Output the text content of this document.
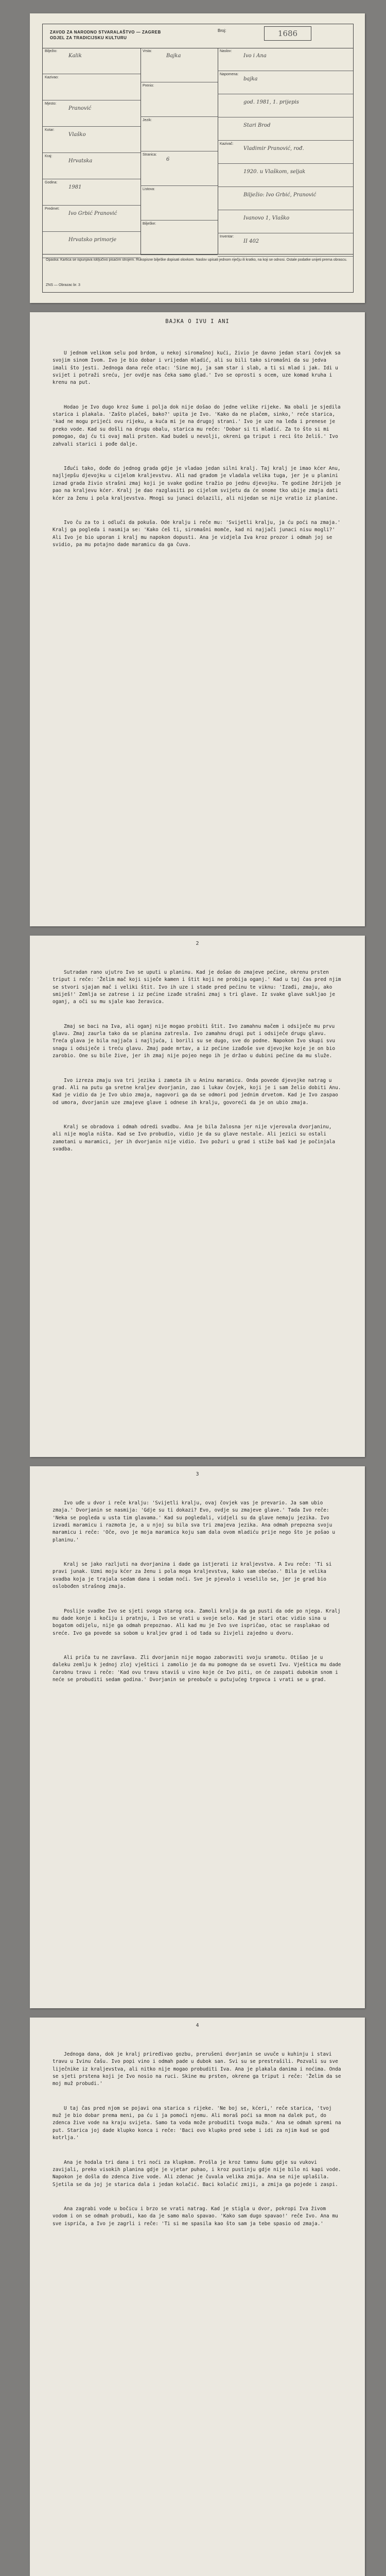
ZAVOD ZA NARODNO STVARALAŠTVO — ZAGREB
ODJEL ZA TRADICIJSKU KULTURU
Broj:	1686
Bilježio:
Kalik
Kazivao:
Mjesto:
Pranović
Kotar:
Vlaško
Kraj:
Hrvatska
Godina:
1981
Predmet:
Ivo Grbić Pranović
Hrvatsko primorje
Vrsta:
Bajka
Prenio:
Jezik:
Stranica:
6
Listova:
Bilješke:
Naslov:
Ivo i Ana
Napomena:
bajka
god. 1981, 1. prijepis
Stari Brod
Kazivač:
Vladimir Pranović, rođ.
1920. u Vlaškom, seljak
Bilježio: Ivo Grbić, Pranović
Ivanovo 1, Vlaško
Inventar:
II 402
Opaska: Kartica se ispunjava isključivo pisaćim strojem. Rukopisne bilješke dopisati olovkom. Naslov upisati jednom riječju ili kratko, na koji se odnosi. Ostale podatke unijeti prema obrascu.
ZNS — Obrazac br. 3
BAJKA O IVU I ANI

U jednom velikom selu pod brdom, u nekoj siromašnoj kući, živio je davno jedan stari čovjek sa svojim sinom Ivom. Ivo je bio dobar i vrijedan mladić, ali su bili tako siromašni da su jedva imali što jesti. Jednoga dana reče otac: 'Sine moj, ja sam star i slab, a ti si mlad i jak. Idi u svijet i potraži sreću, jer ovdje nas čeka samo glad.' Ivo se oprosti s ocem, uze komad kruha i krenu na put.

Hodao je Ivo dugo kroz šume i polja dok nije došao do jedne velike rijeke. Na obali je sjedila starica i plakala. 'Zašto plačeš, bako?' upita je Ivo. 'Kako da ne plačem, sinko,' reče starica, 'kad ne mogu prijeći ovu rijeku, a kuća mi je na drugoj strani.' Ivo je uze na leđa i prenese je preko vode. Kad su došli na drugu obalu, starica mu reče: 'Dobar si ti mladić. Za to što si mi pomogao, daj ću ti ovaj mali prsten. Kad budeš u nevolji, okreni ga triput i reci što želiš.' Ivo zahvali starici i pođe dalje.

Iđući tako, dođe do jednog grada gdje je vladao jedan silni kralj. Taj kralj je imao kćer Anu, najljepšu djevojku u cijelom kraljevstvu. Ali nad gradom je vladala velika tuga, jer je u planini iznad grada živio strašni zmaj koji je svake godine tražio po jednu djevojku. Te godine ždrijeb je pao na kraljevu kćer. Kralj je dao razglasiti po cijelom svijetu da će onome tko ubije zmaja dati kćer za ženu i pola kraljevstva. Mnogi su junaci dolazili, ali nijedan se nije vratio iz planine.

Ivo ču za to i odluči da pokuša. Ode kralju i reče mu: 'Svijetli kralju, ja ću poći na zmaja.' Kralj ga pogleda i nasmija se: 'Kako ćeš ti, siromašni momče, kad ni najjači junaci nisu mogli?' Ali Ivo je bio uporan i kralj mu napokon dopusti. Ana je vidjela Iva kroz prozor i odmah joj se svidio, pa mu potajno dade maramicu da ga čuva.

2

Sutradan rano ujutro Ivo se uputi u planinu. Kad je došao do zmajeve pećine, okrenu prsten triput i reče: 'Želim mač koji siječe kamen i štit koji ne probija oganj.' Kad u taj čas pred njim se stvori sjajan mač i veliki štit. Ivo ih uze i stade pred pećinu te viknu: 'Izađi, zmaju, ako smiješ!' Zemlja se zatrese i iz pećine izađe strašni zmaj s tri glave. Iz svake glave sukljao je oganj, a oči su mu sjale kao žeravica.

Zmaj se baci na Iva, ali oganj nije mogao probiti štit. Ivo zamahnu mačem i odsiječe mu prvu glavu. Zmaj zaurla tako da se planina zatresla. Ivo zamahnu drugi put i odsiječe drugu glavu. Treća glava je bila najjača i najljuća, i borili su se dugo, sve do podne. Napokon Ivo skupi svu snagu i odsiječe i treću glavu. Zmaj pade mrtav, a iz pećine izađoše sve djevojke koje je on bio zarobio. One su bile žive, jer ih zmaj nije pojeo nego ih je držao u dubini pećine da mu služe.

Ivo izreza zmaju sva tri jezika i zamota ih u Aninu maramicu. Onda povede djevojke natrag u grad. Ali na putu ga sretne kraljev dvorjanin, zao i lukav čovjek, koji je i sam želio dobiti Anu. Kad je vidio da je Ivo ubio zmaja, nagovori ga da se odmori pod jednim drvetom. Kad je Ivo zaspao od umora, dvorjanin uze zmajeve glave i odnese ih kralju, govoreći da je on ubio zmaja.

Kralj se obradova i odmah odredi svadbu. Ana je bila žalosna jer nije vjerovala dvorjaninu, ali nije mogla ništa. Kad se Ivo probudio, vidio je da su glave nestale. Ali jezici su ostali zamotani u maramici, jer ih dvorjanin nije vidio. Ivo požuri u grad i stiže baš kad je počinjala svadba.

3

Ivo uđe u dvor i reče kralju: 'Svijetli kralju, ovaj čovjek vas je prevario. Ja sam ubio zmaja.' Dvorjanin se nasmija: 'Gdje su ti dokazi? Evo, ovdje su zmajeve glave.' Tada Ivo reče: 'Neka se pogleda u usta tim glavama.' Kad su pogledali, vidjeli su da glave nemaju jezika. Ivo izvadi maramicu i razmota je, a u njoj su bila sva tri zmajeva jezika. Ana odmah prepozna svoju maramicu i reče: 'Oče, ovo je moja maramica koju sam dala ovom mladiću prije nego što je pošao u planinu.'

Kralj se jako razljuti na dvorjanina i dade ga istjerati iz kraljevstva. A Ivu reče: 'Ti si pravi junak. Uzmi moju kćer za ženu i pola moga kraljevstva, kako sam obećao.' Bila je velika svadba koja je trajala sedam dana i sedam noći. Sve je pjevalo i veselilo se, jer je grad bio oslobođen strašnog zmaja.

Poslije svadbe Ivo se sjeti svoga starog oca. Zamoli kralja da ga pusti da ode po njega. Kralj mu dade konje i kočiju i pratnju, i Ivo se vrati u svoje selo. Kad je stari otac vidio sina u bogatom odijelu, nije ga odmah prepoznao. Ali kad mu je Ivo sve ispričao, otac se rasplakao od sreće. Ivo ga povede sa sobom u kraljev grad i od tada su živjeli zajedno u dvoru.

Ali priča tu ne završava. Zli dvorjanin nije mogao zaboraviti svoju sramotu. Otišao je u daleku zemlju k jednoj zloj vještici i zamolio je da mu pomogne da se osveti Ivu. Vještica mu dade čarobnu travu i reče: 'Kad ovu travu staviš u vino koje će Ivo piti, on će zaspati dubokim snom i neće se probuditi sedam godina.' Dvorjanin se preobuče u putujućeg trgovca i vrati se u grad.

4

Jednoga dana, dok je kralj priređivao gozbu, prerušeni dvorjanin se uvuče u kuhinju i stavi travu u Ivinu čašu. Ivo popi vino i odmah pade u dubok san. Svi su se prestrašili. Pozvali su sve liječnike iz kraljevstva, ali nitko nije mogao probuditi Iva. Ana je plakala danima i noćima. Onda se sjeti prstena koji je Ivo nosio na ruci. Skine mu prsten, okrene ga triput i reče: 'Želim da se moj muž probudi.'

U taj čas pred njom se pojavi ona starica s rijeke. 'Ne boj se, kćeri,' reče starica, 'tvoj muž je bio dobar prema meni, pa ću i ja pomoći njemu. Ali moraš poći sa mnom na dalek put, do zdenca žive vode na kraju svijeta. Samo ta voda može probuditi tvoga muža.' Ana se odmah spremi na put. Starica joj dade klupko konca i reče: 'Baci ovo klupko pred sebe i idi za njim kud se god kotrlja.'

Ana je hodala tri dana i tri noći za klupkom. Prošla je kroz tamnu šumu gdje su vukovi zavijali, preko visokih planina gdje je vjetar puhao, i kroz pustinju gdje nije bilo ni kapi vode. Napokon je došla do zdenca žive vode. Ali zdenac je čuvala velika zmija. Ana se nije uplašila. Sjetila se da joj je starica dala i jedan kolačić. Baci kolačić zmiji, a zmija ga pojede i zaspi.

Ana zagrabi vode u bočicu i brzo se vrati natrag. Kad je stigla u dvor, pokropi Iva živom vodom i on se odmah probudi, kao da je samo malo spavao. 'Kako sam dugo spavao!' reče Ivo. Ana mu sve ispriča, a Ivo je zagrli i reče: 'Ti si me spasila kao što sam ja tebe spasio od zmaja.'
